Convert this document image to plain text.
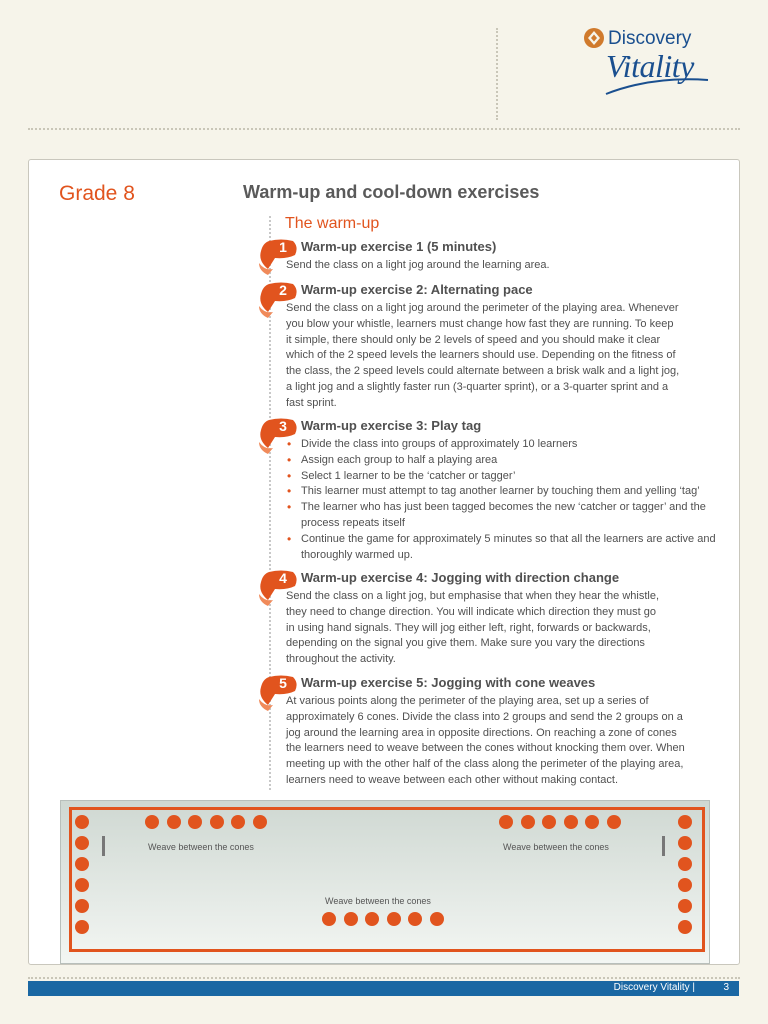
Discovery
Vitality
Grade 8	Warm-up and cool-down exercises
The warm-up
1	Warm-up exercise 1 (5 minutes)
Send the class on a light jog around the learning area.
2	Warm-up exercise 2: Alternating pace
Send the class on a light jog around the perimeter of the playing area. Whenever
you blow your whistle, learners must change how fast they are running. To keep
it simple, there should only be 2 levels of speed and you should make it clear
which of the 2 speed levels the learners should use. Depending on the fitness of
the class, the 2 speed levels could alternate between a brisk walk and a light jog,
a light jog and a slightly faster run (3-quarter sprint), or a 3-quarter sprint and a
fast sprint.
3	Warm-up exercise 3: Play tag
• Divide the class into groups of approximately 10 learners
• Assign each group to half a playing area
• Select 1 learner to be the ‘catcher or tagger’
• This learner must attempt to tag another learner by touching them and yelling ‘tag’
• The learner who has just been tagged becomes the new ‘catcher or tagger’ and the process repeats itself
• Continue the game for approximately 5 minutes so that all the learners are active and thoroughly warmed up.
4	Warm-up exercise 4: Jogging with direction change
Send the class on a light jog, but emphasise that when they hear the whistle,
they need to change direction. You will indicate which direction they must go
in using hand signals. They will jog either left, right, forwards or backwards,
depending on the signal you give them. Make sure you vary the directions
throughout the activity.
5	Warm-up exercise 5: Jogging with cone weaves
At various points along the perimeter of the playing area, set up a series of
approximately 6 cones. Divide the class into 2 groups and send the 2 groups on a
jog around the learning area in opposite directions. On reaching a zone of cones
the learners need to weave between the cones without knocking them over. When
meeting up with the other half of the class along the perimeter of the playing area,
learners need to weave between each other without making contact.
Weave between the cones	Weave between the cones
Weave between the cones
Discovery Vitality |	3
